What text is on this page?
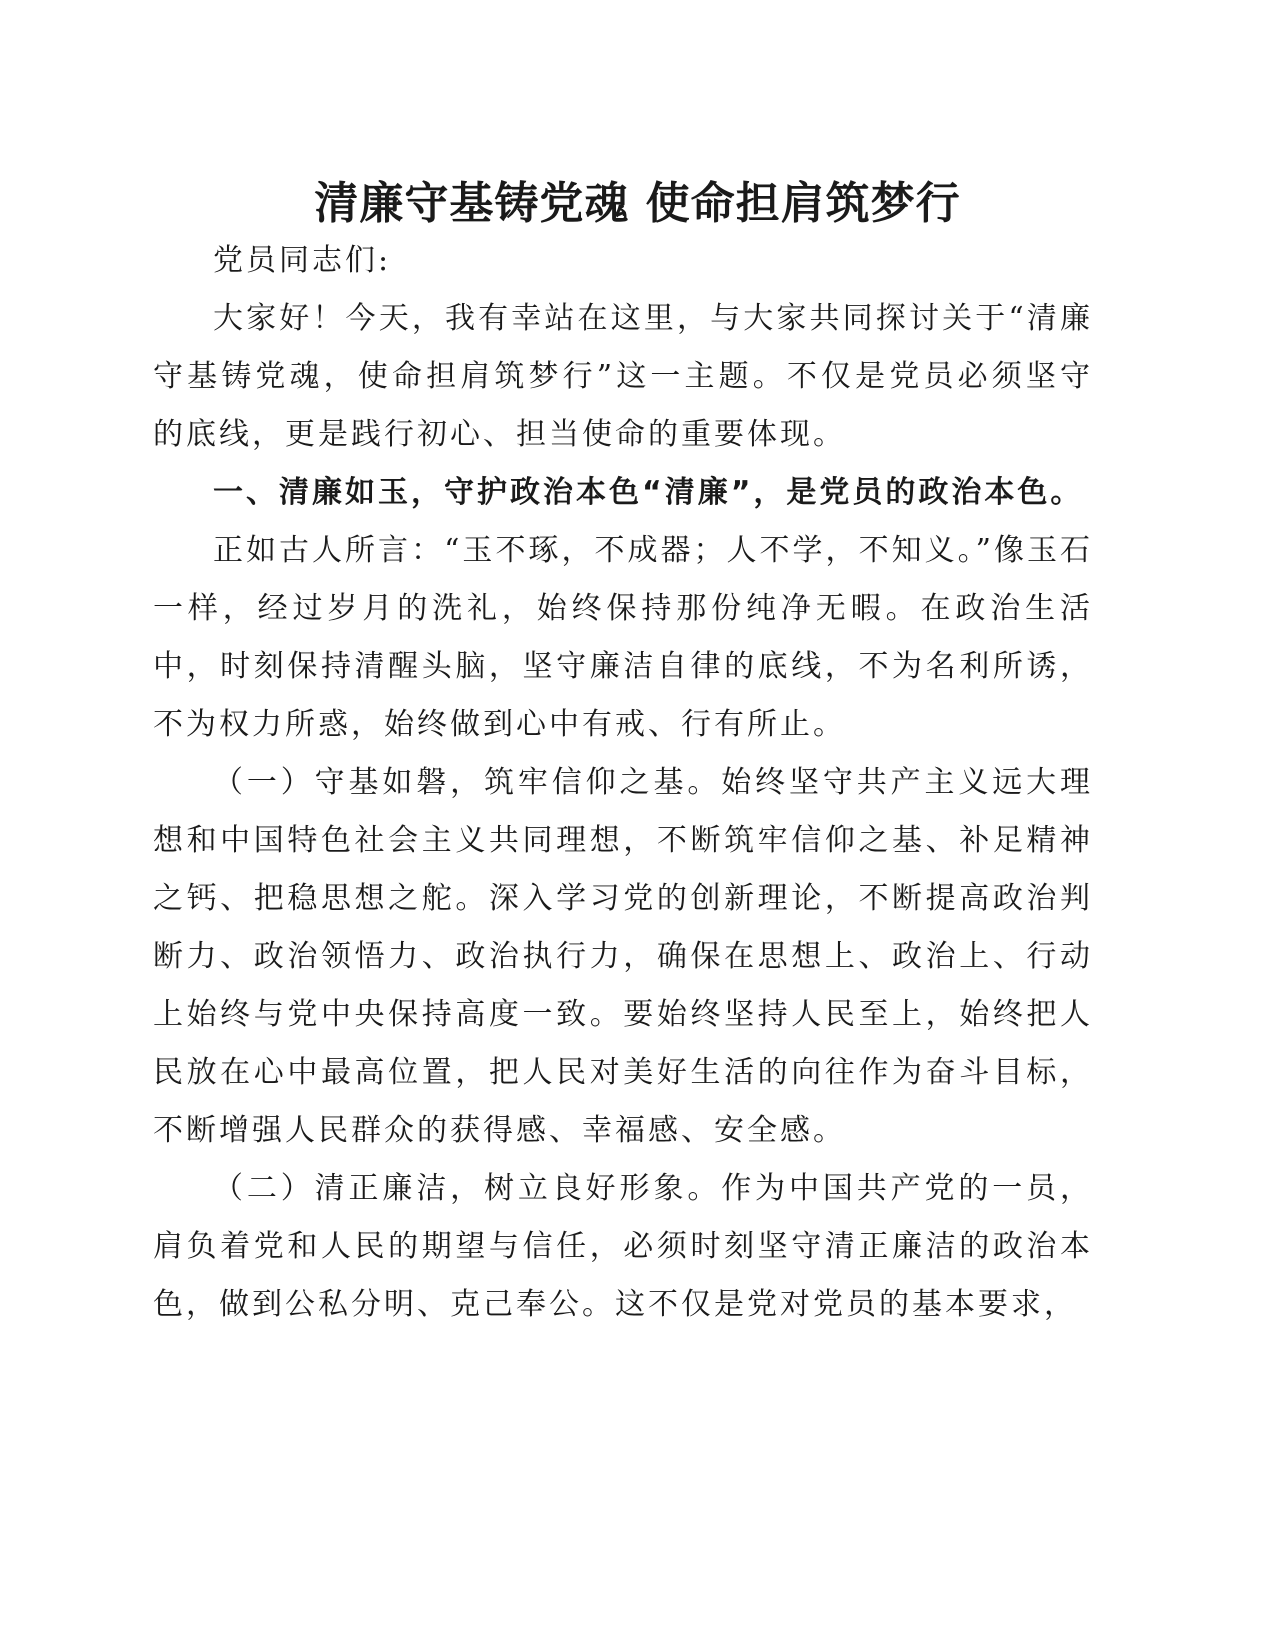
清廉守基铸党魂 使命担肩筑梦行

党员同志们:

大家好！今天，我有幸站在这里，与大家共同探讨关于“清廉守基铸党魂，使命担肩筑梦行”这一主题。不仅是党员必须坚守的底线，更是践行初心、担当使命的重要体现。

一、清廉如玉，守护政治本色“清廉”，是党员的政治本色。

正如古人所言：“玉不琢，不成器；人不学，不知义。”像玉石一样，经过岁月的洗礼，始终保持那份纯净无暇。在政治生活中，时刻保持清醒头脑，坚守廉洁自律的底线，不为名利所诱，不为权力所惑，始终做到心中有戒、行有所止。

（一）守基如磐，筑牢信仰之基。始终坚守共产主义远大理想和中国特色社会主义共同理想，不断筑牢信仰之基、补足精神之钙、把稳思想之舵。深入学习党的创新理论，不断提高政治判断力、政治领悟力、政治执行力，确保在思想上、政治上、行动上始终与党中央保持高度一致。要始终坚持人民至上，始终把人民放在心中最高位置，把人民对美好生活的向往作为奋斗目标，不断增强人民群众的获得感、幸福感、安全感。

（二）清正廉洁，树立良好形象。作为中国共产党的一员，肩负着党和人民的期望与信任，必须时刻坚守清正廉洁的政治本色，做到公私分明、克己奉公。这不仅是党对党员的基本要求，
